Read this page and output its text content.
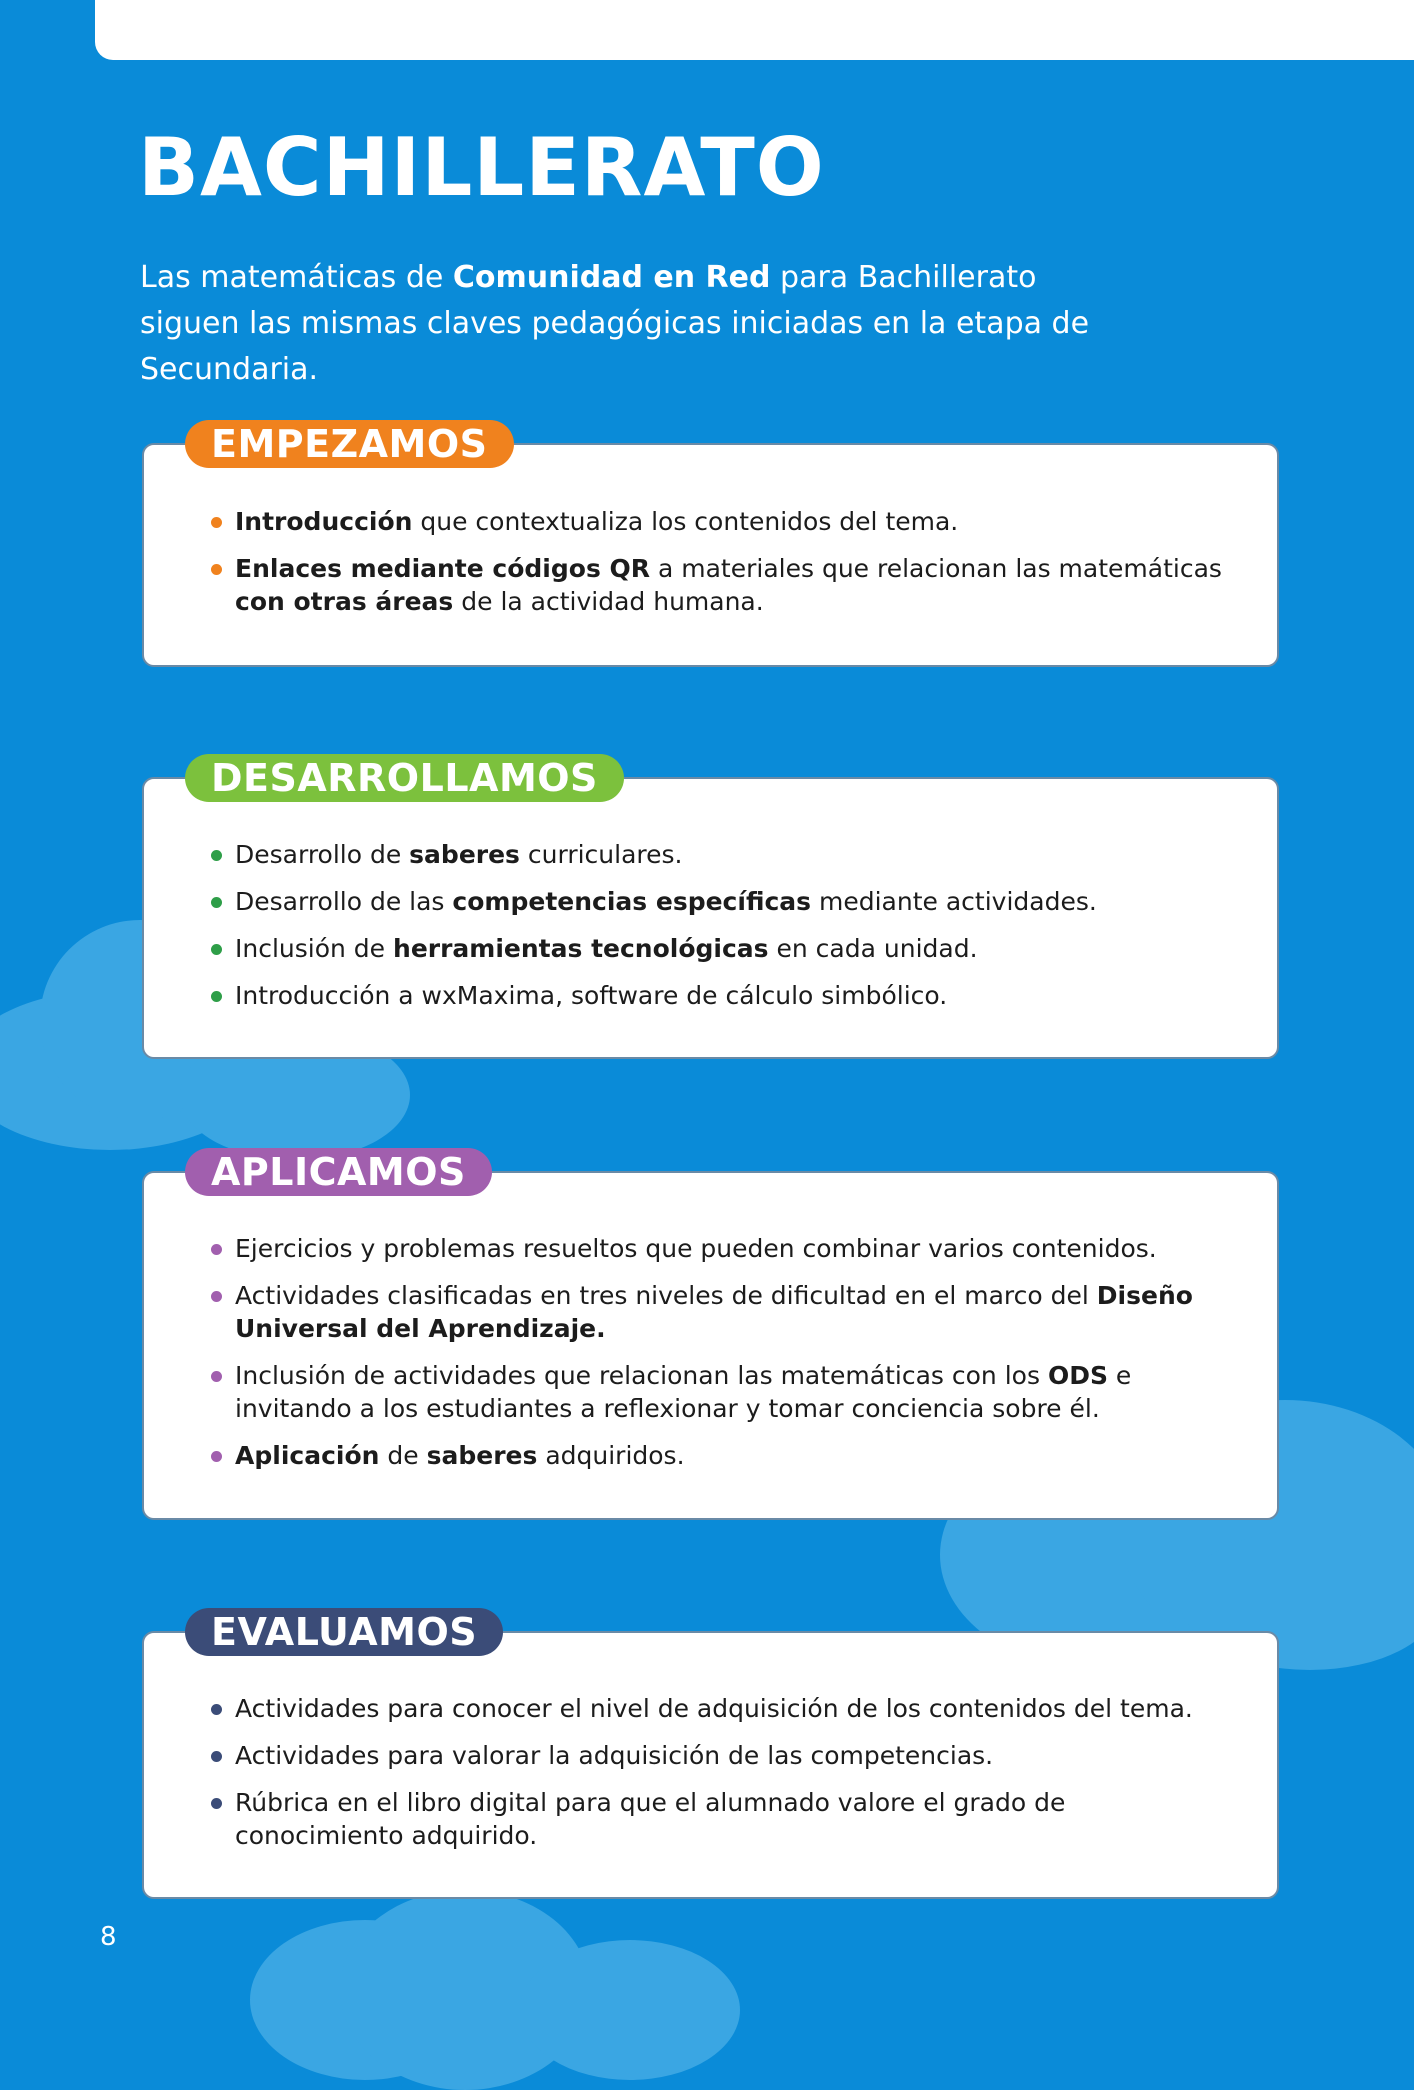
BACHILLERATO

Las matemáticas de Comunidad en Red para Bachillerato siguen las mismas claves pedagógicas iniciadas en la etapa de Secundaria.

EMPEZAMOS
Introducción que contextualiza los contenidos del tema.
Enlaces mediante códigos QR a materiales que relacionan las matemáticas con otras áreas de la actividad humana.
DESARROLLAMOS
Desarrollo de saberes curriculares.
Desarrollo de las competencias específicas mediante actividades.
Inclusión de herramientas tecnológicas en cada unidad.
Introducción a wxMaxima, software de cálculo simbólico.
APLICAMOS
Ejercicios y problemas resueltos que pueden combinar varios contenidos.
Actividades clasificadas en tres niveles de dificultad en el marco del Diseño Universal del Aprendizaje.
Inclusión de actividades que relacionan las matemáticas con los ODS e invitando a los estudiantes a reflexionar y tomar conciencia sobre él.
Aplicación de saberes adquiridos.
EVALUAMOS
Actividades para conocer el nivel de adquisición de los contenidos del tema.
Actividades para valorar la adquisición de las competencias.
Rúbrica en el libro digital para que el alumnado valore el grado de conocimiento adquirido.
8
